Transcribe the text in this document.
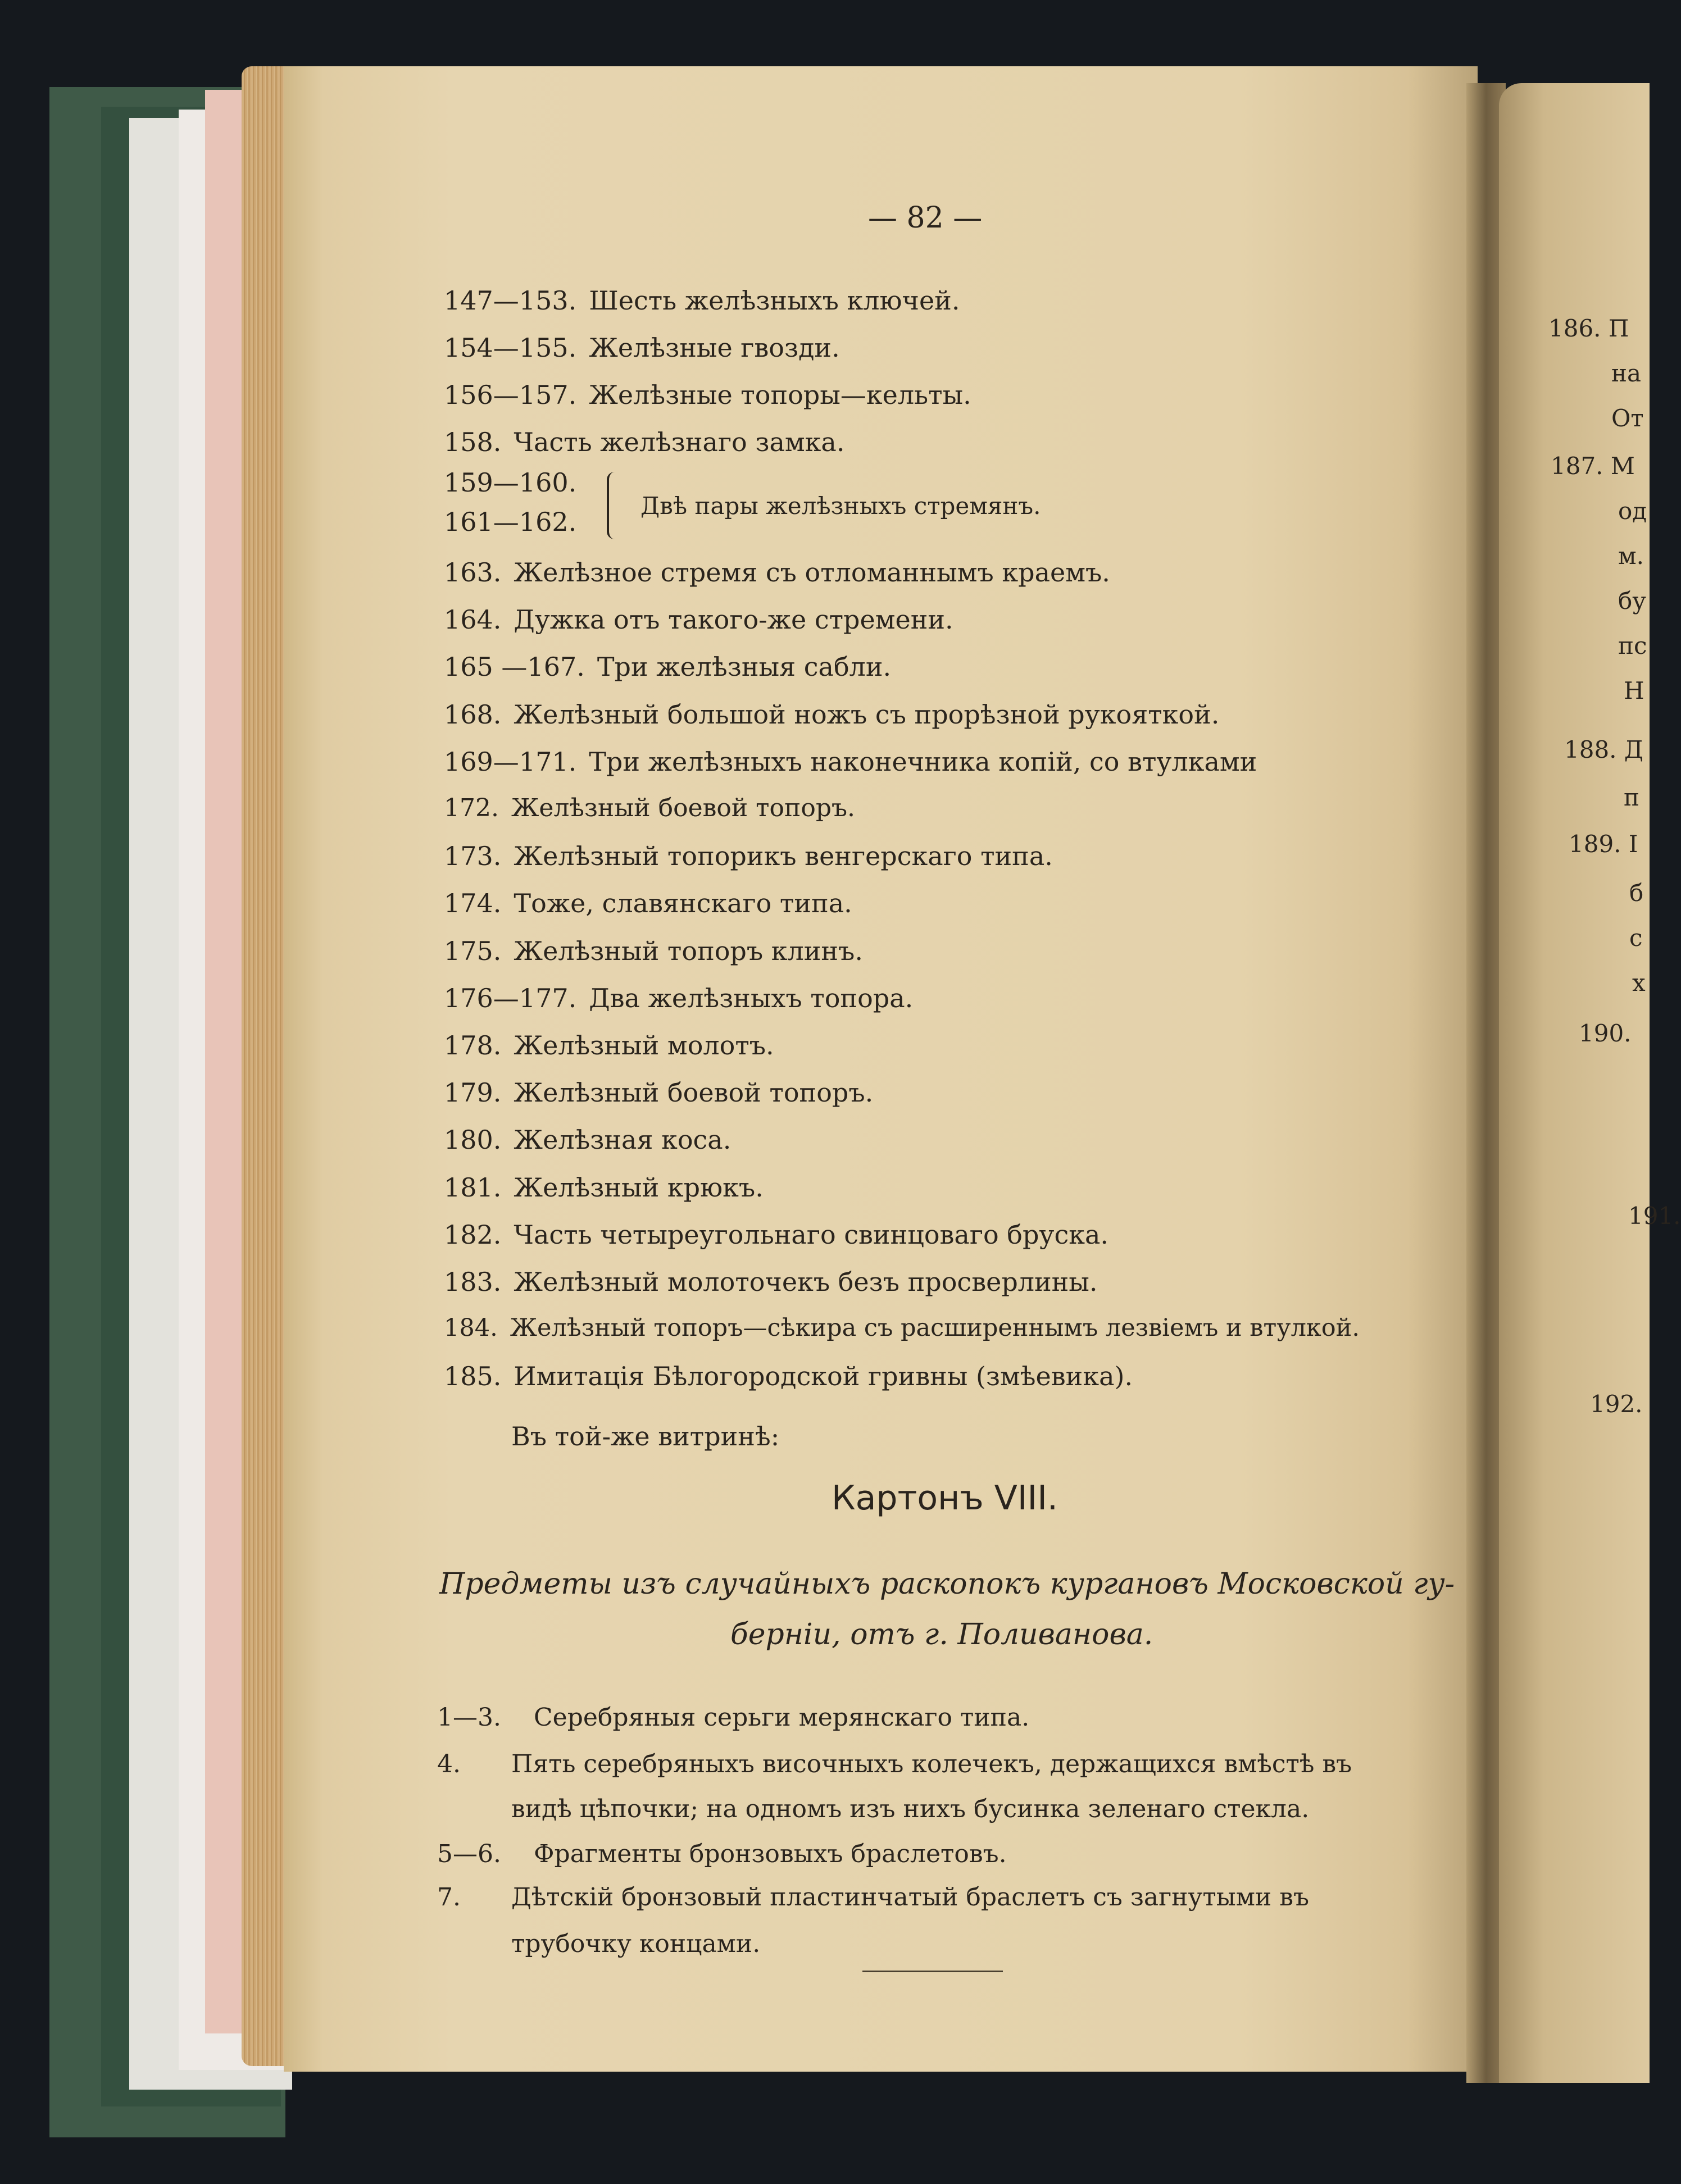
— 82 —
147—153. Шесть желѣзныхъ ключей.
154—155. Желѣзные гвозди.
156—157. Желѣзные топоры—кельты.
158. Часть желѣзнаго замка.
159—160.
161—162.
Двѣ пары желѣзныхъ стремянъ.
163. Желѣзное стремя съ отломаннымъ краемъ.
164. Дужка отъ такого-же стремени.
165 —167. Три желѣзныя сабли.
168. Желѣзный большой ножъ съ прорѣзной рукояткой.
169—171. Три желѣзныхъ наконечника копій, со втулками
172. Желѣзный боевой топоръ.
173. Желѣзный топорикъ венгерскаго типа.
174. Тоже, славянскаго типа.
175. Желѣзный топоръ клинъ.
176—177. Два желѣзныхъ топора.
178. Желѣзный молотъ.
179. Желѣзный боевой топоръ.
180. Желѣзная коса.
181. Желѣзный крюкъ.
182. Часть четыреугольнаго свинцоваго бруска.
183. Желѣзный молоточекъ безъ просверлины.
184. Желѣзный топоръ—сѣкира съ расширеннымъ лезвіемъ и втулкой.
185. Имитація Бѣлогородской гривны (змѣевика).
Въ той-же витринѣ:
Картонъ VIII.
Предметы изъ случайныхъ раскопокъ кургановъ Московской гу-
берніи, отъ г. Поливанова.
1—3. Серебряныя серьги мерянскаго типа.
4. Пять серебряныхъ височныхъ колечекъ, держащихся вмѣстѣ въ
видѣ цѣпочки; на одномъ изъ нихъ бусинка зеленаго стекла.
5—6. Фрагменты бронзовыхъ браслетовъ.
7. Дѣтскій бронзовый пластинчатый браслетъ съ загнутыми въ
трубочку концами.
186. П
на
От
187. М
од
м.
бу
пс
Н
188. Д
п
189. І
б
с
х
190.
191.
192.
